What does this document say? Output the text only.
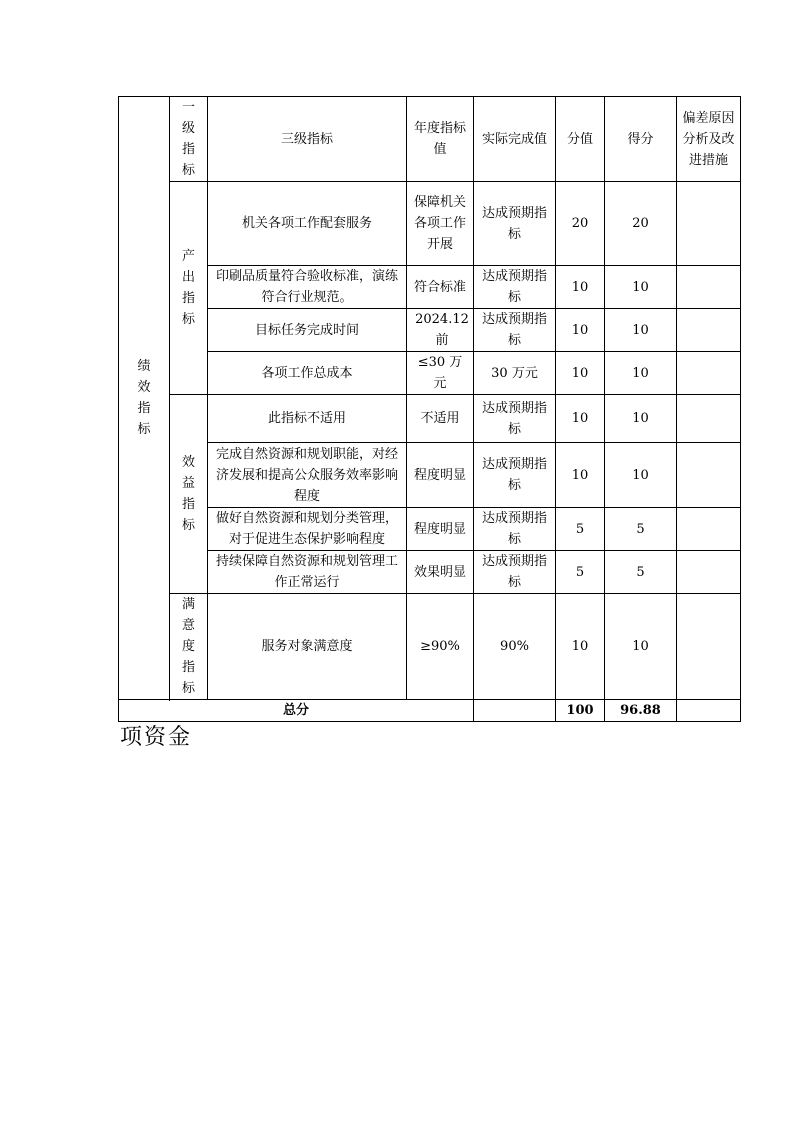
绩效指标	一级指标	三级指标	年度指标值	实际完成值	分值	得分	偏差原因分析及改进措施
	产出指标	机关各项工作配套服务	保障机关各项工作开展	达成预期指标	20	20	
		印刷品质量符合验收标准，演练符合行业规范。	符合标准	达成预期指标	10	10	
		目标任务完成时间	2024.12前	达成预期指标	10	10	
		各项工作总成本	≤30 万元	30 万元	10	10	
	效益指标	此指标不适用	不适用	达成预期指标	10	10	
		完成自然资源和规划职能，对经济发展和提高公众服务效率影响程度	程度明显	达成预期指标	10	10	
		做好自然资源和规划分类管理，对于促进生态保护影响程度	程度明显	达成预期指标	5	5	
		持续保障自然资源和规划管理工作正常运行	效果明显	达成预期指标	5	5	
	满意度指标	服务对象满意度	≥90%	90%	10	10	

总分					100	96.88	
项资金
